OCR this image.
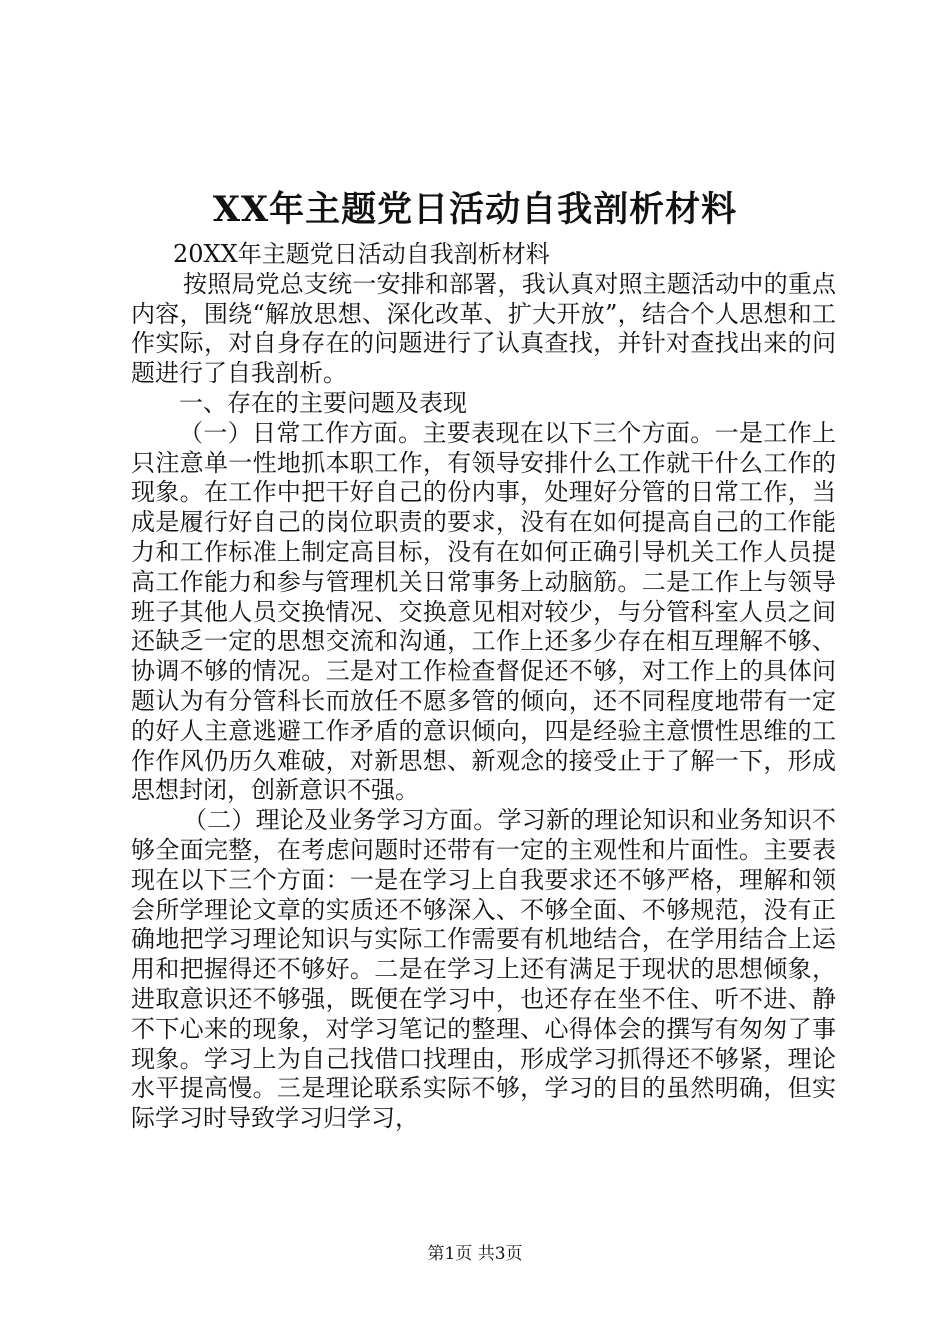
XX年主题党日活动自我剖析材料

20XX年主题党日活动自我剖析材料

按照局党总支统一安排和部署，我认真对照主题活动中的重点内容，围绕“解放思想、深化改革、扩大开放”，结合个人思想和工作实际，对自身存在的问题进行了认真查找，并针对查找出来的问题进行了自我剖析。

一、存在的主要问题及表现

（一）日常工作方面。主要表现在以下三个方面。一是工作上只注意单一性地抓本职工作，有领导安排什么工作就干什么工作的现象。在工作中把干好自己的份内事，处理好分管的日常工作，当成是履行好自己的岗位职责的要求，没有在如何提高自己的工作能力和工作标准上制定高目标，没有在如何正确引导机关工作人员提高工作能力和参与管理机关日常事务上动脑筋。二是工作上与领导班子其他人员交换情况、交换意见相对较少，与分管科室人员之间还缺乏一定的思想交流和沟通，工作上还多少存在相互理解不够、协调不够的情况。三是对工作检查督促还不够，对工作上的具体问题认为有分管科长而放任不愿多管的倾向，还不同程度地带有一定的好人主意逃避工作矛盾的意识倾向，四是经验主意惯性思维的工作作风仍历久难破，对新思想、新观念的接受止于了解一下，形成思想封闭，创新意识不强。

（二）理论及业务学习方面。学习新的理论知识和业务知识不够全面完整，在考虑问题时还带有一定的主观性和片面性。主要表现在以下三个方面：一是在学习上自我要求还不够严格，理解和领会所学理论文章的实质还不够深入、不够全面、不够规范，没有正确地把学习理论知识与实际工作需要有机地结合，在学用结合上运用和把握得还不够好。二是在学习上还有满足于现状的思想倾象，进取意识还不够强，既便在学习中，也还存在坐不住、听不进、静不下心来的现象，对学习笔记的整理、心得体会的撰写有匆匆了事现象。学习上为自己找借口找理由，形成学习抓得还不够紧，理论水平提高慢。三是理论联系实际不够，学习的目的虽然明确，但实际学习时导致学习归学习，

第1页 共3页
